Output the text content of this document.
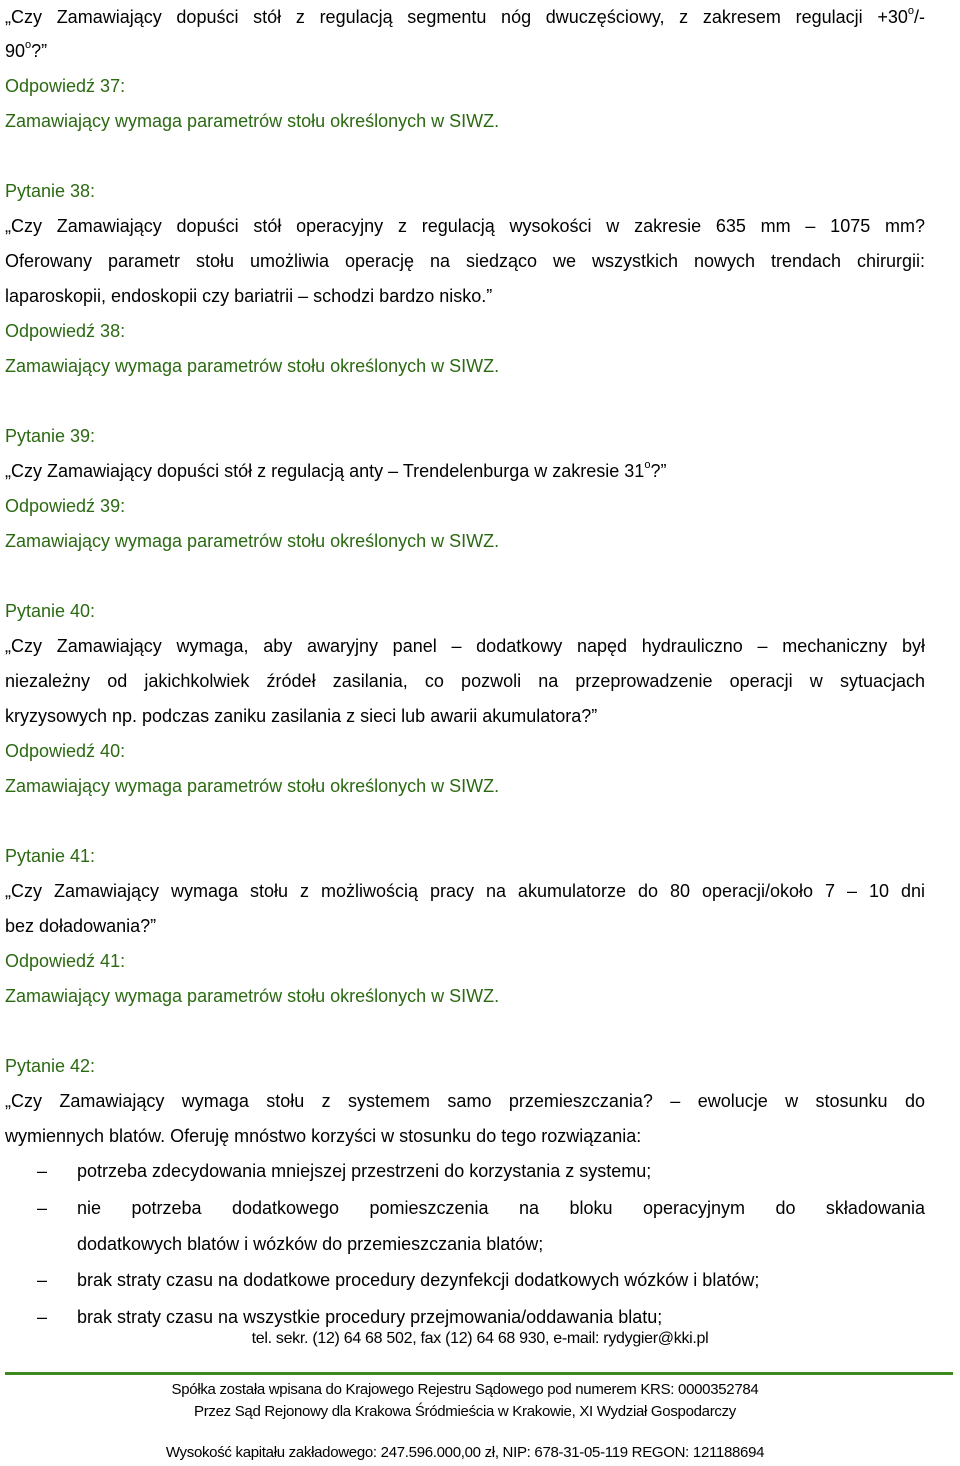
„Czy Zamawiający dopuści stół z regulacją segmentu nóg dwuczęściowy, z zakresem regulacji $+30^o/-$
90$^o$?”
Odpowiedź 37:
Zamawiający wymaga parametrów stołu określonych w SIWZ.
Pytanie 38:
„Czy Zamawiający dopuści stół operacyjny z regulacją wysokości w zakresie 635 mm – 1075 mm?
Oferowany parametr stołu umożliwia operację na siedząco we wszystkich nowych trendach chirurgii:
laparoskopii, endoskopii czy bariatrii – schodzi bardzo nisko.”
Odpowiedź 38:
Zamawiający wymaga parametrów stołu określonych w SIWZ.
Pytanie 39:
„Czy Zamawiający dopuści stół z regulacją anty – Trendelenburga w zakresie 31$^o$?”
Odpowiedź 39:
Zamawiający wymaga parametrów stołu określonych w SIWZ.
Pytanie 40:
„Czy Zamawiający wymaga, aby awaryjny panel – dodatkowy napęd hydrauliczno – mechaniczny był
niezależny od jakichkolwiek źródeł zasilania, co pozwoli na przeprowadzenie operacji w sytuacjach
kryzysowych np. podczas zaniku zasilania z sieci lub awarii akumulatora?”
Odpowiedź 40:
Zamawiający wymaga parametrów stołu określonych w SIWZ.
Pytanie 41:
„Czy Zamawiający wymaga stołu z możliwością pracy na akumulatorze do 80 operacji/około 7 – 10 dni
bez doładowania?”
Odpowiedź 41:
Zamawiający wymaga parametrów stołu określonych w SIWZ.
Pytanie 42:
„Czy Zamawiający wymaga stołu z systemem samo przemieszczania? – ewolucje w stosunku do
wymiennych blatów. Oferuję mnóstwo korzyści w stosunku do tego rozwiązania:
– potrzeba zdecydowania mniejszej przestrzeni do korzystania z systemu;
– nie potrzeba dodatkowego pomieszczenia na bloku operacyjnym do składowania
dodatkowych blatów i wózków do przemieszczania blatów;
– brak straty czasu na dodatkowe procedury dezynfekcji dodatkowych wózków i blatów;
– brak straty czasu na wszystkie procedury przejmowania/oddawania blatu;
tel. sekr. (12) 64 68 502, fax (12) 64 68 930, e-mail: rydygier@kki.pl
Spółka została wpisana do Krajowego Rejestru Sądowego pod numerem KRS: 0000352784
Przez Sąd Rejonowy dla Krakowa Śródmieścia w Krakowie, XI Wydział Gospodarczy
Wysokość kapitału zakładowego: 247.596.000,00 zł, NIP: 678-31-05-119 REGON: 121188694
